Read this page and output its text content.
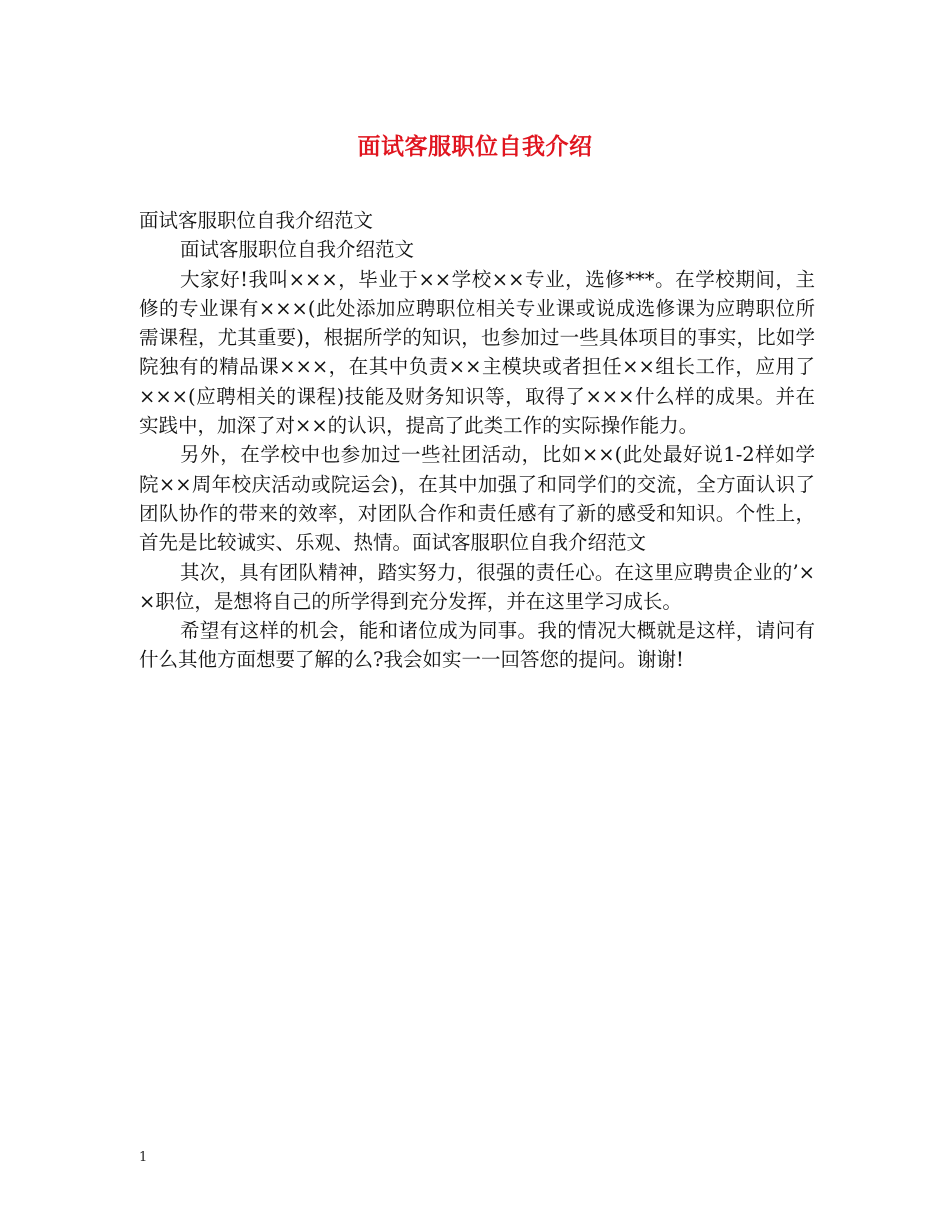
面试客服职位自我介绍

面试客服职位自我介绍范文

面试客服职位自我介绍范文

大家好!我叫×××，毕业于××学校××专业，选修***。在学校期间，主修的专业课有×××(此处添加应聘职位相关专业课或说成选修课为应聘职位所需课程，尤其重要)，根据所学的知识，也参加过一些具体项目的事实，比如学院独有的精品课×××，在其中负责××主模块或者担任××组长工作，应用了×××(应聘相关的课程)技能及财务知识等，取得了×××什么样的成果。并在实践中，加深了对××的认识，提高了此类工作的实际操作能力。

另外，在学校中也参加过一些社团活动，比如××(此处最好说1-2样如学院××周年校庆活动或院运会)，在其中加强了和同学们的交流，全方面认识了团队协作的带来的效率，对团队合作和责任感有了新的感受和知识。个性上，首先是比较诚实、乐观、热情。面试客服职位自我介绍范文

其次，具有团队精神，踏实努力，很强的责任心。在这里应聘贵企业的’××职位，是想将自己的所学得到充分发挥，并在这里学习成长。

希望有这样的机会，能和诸位成为同事。我的情况大概就是这样，请问有什么其他方面想要了解的么?我会如实一一回答您的提问。谢谢!

1
